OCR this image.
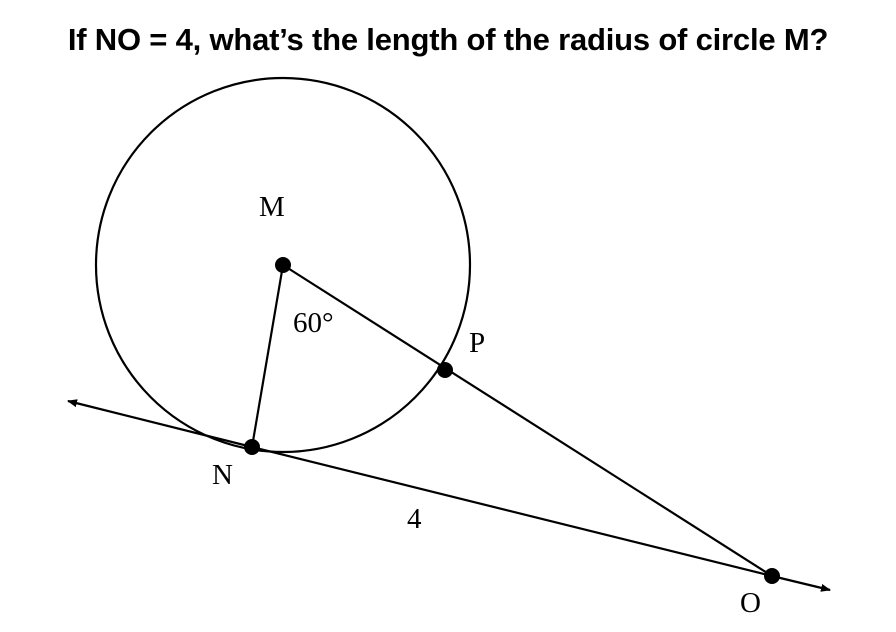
If NO = 4, what’s the length of the radius of circle M?
M
N
P
O
60°
4
